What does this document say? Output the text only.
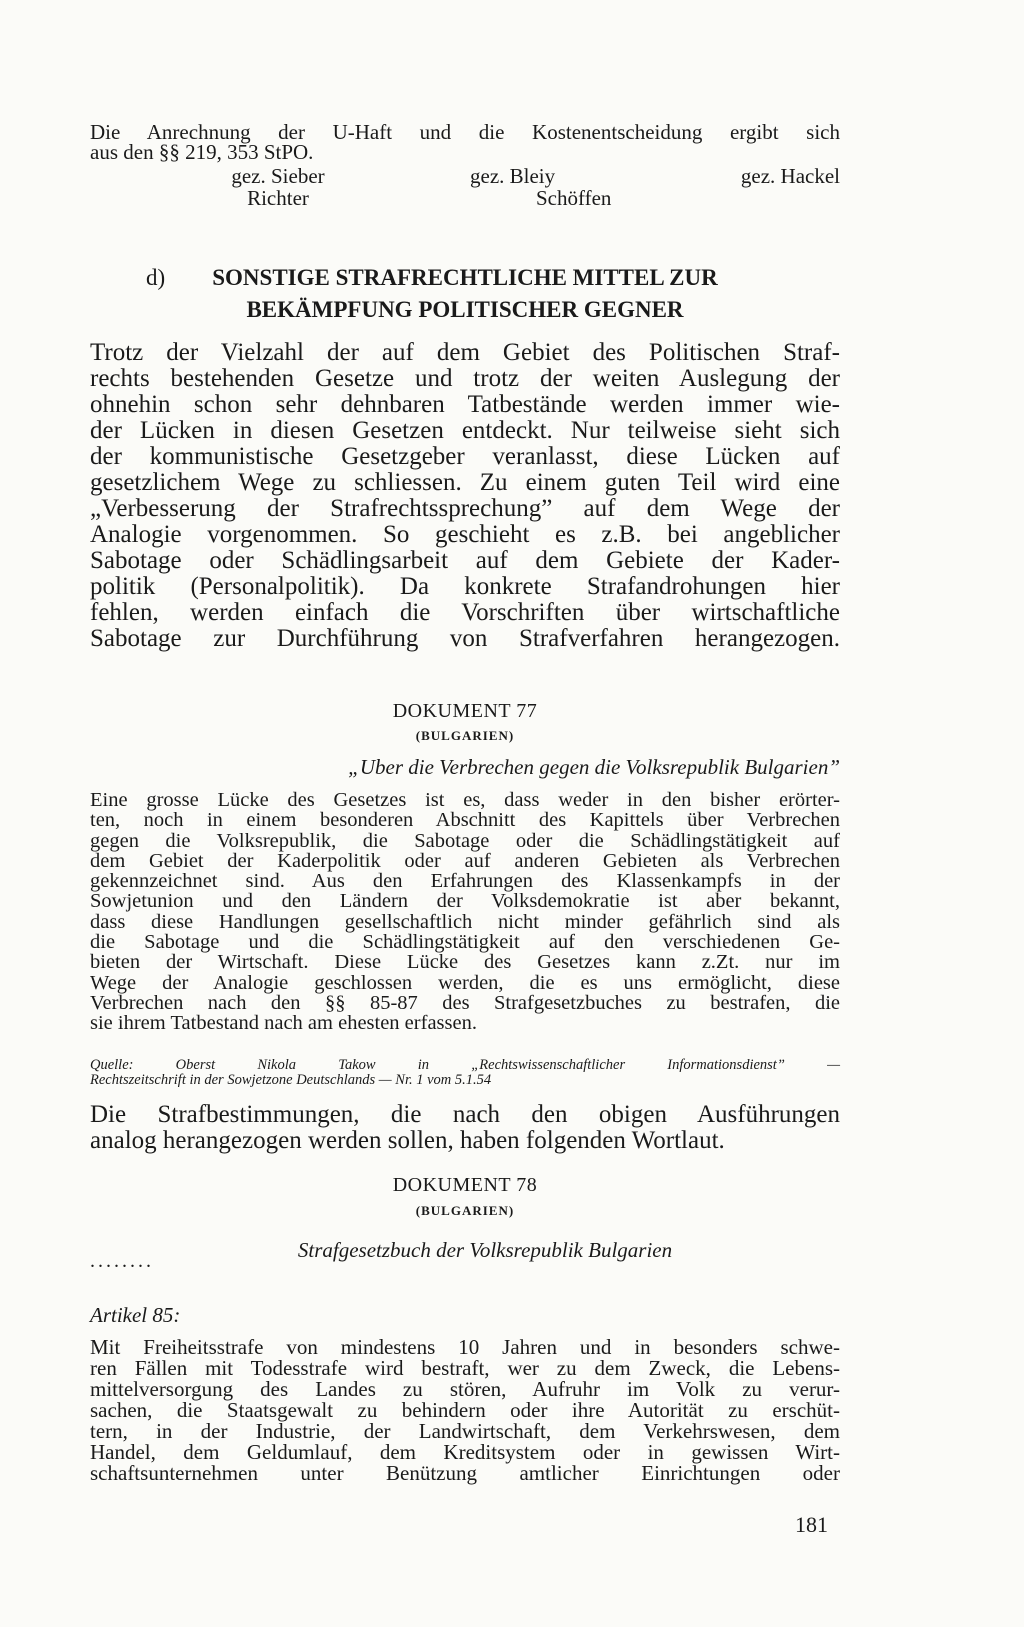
Die Anrechnung der U-Haft und die Kostenentscheidung ergibt sich
aus den §§ 219, 353 StPO.
gez. Sieber
Richter
gez. Bleiy
Schöffen
gez. Hackel
d)	SONSTIGE STRAFRECHTLICHE MITTEL ZUR
BEKÄMPFUNG POLITISCHER GEGNER
Trotz der Vielzahl der auf dem Gebiet des Politischen Straf-
rechts bestehenden Gesetze und trotz der weiten Auslegung der
ohnehin schon sehr dehnbaren Tatbestände werden immer wie-
der Lücken in diesen Gesetzen entdeckt. Nur teilweise sieht sich
der kommunistische Gesetzgeber veranlasst, diese Lücken auf
gesetzlichem Wege zu schliessen. Zu einem guten Teil wird eine
„Verbesserung der Strafrechtssprechung” auf dem Wege der
Analogie vorgenommen. So geschieht es z.B. bei angeblicher
Sabotage oder Schädlingsarbeit auf dem Gebiete der Kader-
politik (Personalpolitik). Da konkrete Strafandrohungen hier
fehlen, werden einfach die Vorschriften über wirtschaftliche
Sabotage zur Durchführung von Strafverfahren herangezogen.
DOKUMENT 77
(BULGARIEN)
„Uber die Verbrechen gegen die Volksrepublik Bulgarien”
Eine grosse Lücke des Gesetzes ist es, dass weder in den bisher erörter-
ten, noch in einem besonderen Abschnitt des Kapittels über Verbrechen
gegen die Volksrepublik, die Sabotage oder die Schädlingstätigkeit auf
dem Gebiet der Kaderpolitik oder auf anderen Gebieten als Verbrechen
gekennzeichnet sind. Aus den Erfahrungen des Klassenkampfs in der
Sowjetunion und den Ländern der Volksdemokratie ist aber bekannt,
dass diese Handlungen gesellschaftlich nicht minder gefährlich sind als
die Sabotage und die Schädlingstätigkeit auf den verschiedenen Ge-
bieten der Wirtschaft. Diese Lücke des Gesetzes kann z.Zt. nur im
Wege der Analogie geschlossen werden, die es uns ermöglicht, diese
Verbrechen nach den §§ 85-87 des Strafgesetzbuches zu bestrafen, die
sie ihrem Tatbestand nach am ehesten erfassen.
Quelle: Oberst Nikola Takow in „Rechtswissenschaftlicher Informationsdienst” —
Rechtszeitschrift in der Sowjetzone Deutschlands — Nr. 1 vom 5.1.54
Die Strafbestimmungen, die nach den obigen Ausführungen
analog herangezogen werden sollen, haben folgenden Wortlaut.
DOKUMENT 78
(BULGARIEN)
Strafgesetzbuch der Volksrepublik Bulgarien
........
Artikel 85:
Mit Freiheitsstrafe von mindestens 10 Jahren und in besonders schwe-
ren Fällen mit Todesstrafe wird bestraft, wer zu dem Zweck, die Lebens-
mittelversorgung des Landes zu stören, Aufruhr im Volk zu verur-
sachen, die Staatsgewalt zu behindern oder ihre Autorität zu erschüt-
tern, in der Industrie, der Landwirtschaft, dem Verkehrswesen, dem
Handel, dem Geldumlauf, dem Kreditsystem oder in gewissen Wirt-
schaftsunternehmen unter Benützung amtlicher Einrichtungen oder
181
